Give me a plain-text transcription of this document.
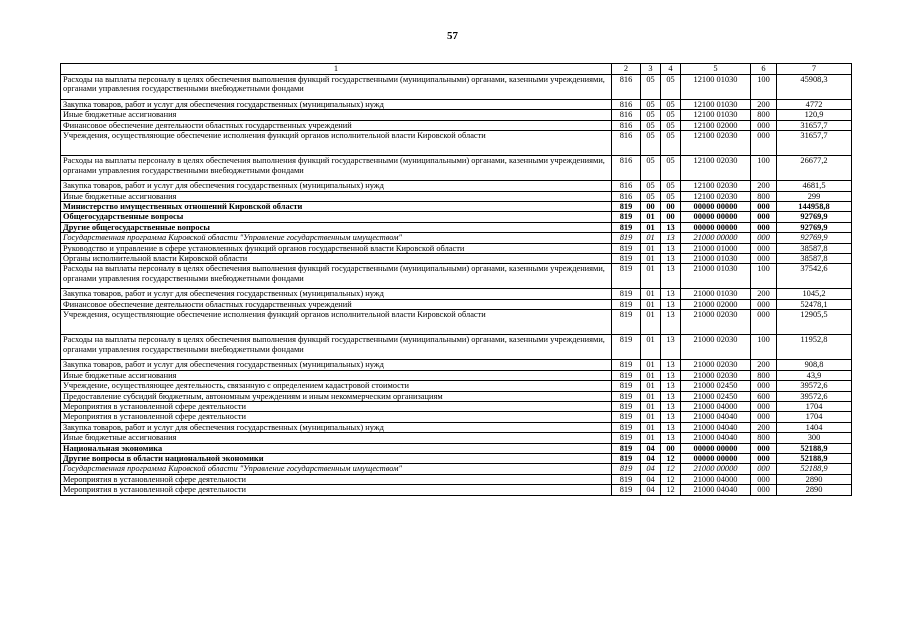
57
1	2	3	4	5	6	7
Расходы на выплаты персоналу в целях обеспечения выполнения функций государственными (муниципальными) органами, казенными учреждениями, органами управления государственными внебюджетными фондами	816	05	05	12100 01030	100	45908,3
Закупка товаров, работ и услуг для обеспечения государственных (муниципальных) нужд	816	05	05	12100 01030	200	4772
Иные бюджетные ассигнования	816	05	05	12100 01030	800	120,9
Финансовое обеспечение деятельности областных государственных учреждений	816	05	05	12100 02000	000	31657,7
Учреждения, осуществляющие обеспечение исполнения функций органов исполнительной власти Кировской области	816	05	05	12100 02030	000	31657,7
Расходы на выплаты персоналу в целях обеспечения выполнения функций государственными (муниципальными) органами, казенными учреждениями, органами управления государственными внебюджетными фондами	816	05	05	12100 02030	100	26677,2
Закупка товаров, работ и услуг для обеспечения государственных (муниципальных) нужд	816	05	05	12100 02030	200	4681,5
Иные бюджетные ассигнования	816	05	05	12100 02030	800	299
Министерство имущественных отношений Кировской области	819	00	00	00000 00000	000	144958,8
Общегосударственные вопросы	819	01	00	00000 00000	000	92769,9
Другие общегосударственные вопросы	819	01	13	00000 00000	000	92769,9
Государственная программа Кировской области "Управление государственным имуществом"	819	01	13	21000 00000	000	92769,9
Руководство и управление в сфере установленных функций органов государственной власти Кировской области	819	01	13	21000 01000	000	38587,8
Органы исполнительной власти Кировской области	819	01	13	21000 01030	000	38587,8
Расходы на выплаты персоналу в целях обеспечения выполнения функций государственными (муниципальными) органами, казенными учреждениями, органами управления государственными внебюджетными фондами	819	01	13	21000 01030	100	37542,6
Закупка товаров, работ и услуг для обеспечения государственных (муниципальных) нужд	819	01	13	21000 01030	200	1045,2
Финансовое обеспечение деятельности областных государственных учреждений	819	01	13	21000 02000	000	52478,1
Учреждения, осуществляющие обеспечение исполнения функций органов исполнительной власти Кировской области	819	01	13	21000 02030	000	12905,5
Расходы на выплаты персоналу в целях обеспечения выполнения функций государственными (муниципальными) органами, казенными учреждениями, органами управления государственными внебюджетными фондами	819	01	13	21000 02030	100	11952,8
Закупка товаров, работ и услуг для обеспечения государственных (муниципальных) нужд	819	01	13	21000 02030	200	908,8
Иные бюджетные ассигнования	819	01	13	21000 02030	800	43,9
Учреждение, осуществляющее деятельность, связанную с определением кадастровой стоимости	819	01	13	21000 02450	000	39572,6
Предоставление субсидий бюджетным, автономным учреждениям и иным некоммерческим организациям	819	01	13	21000 02450	600	39572,6
Мероприятия в установленной сфере деятельности	819	01	13	21000 04000	000	1704
Мероприятия в установленной сфере деятельности	819	01	13	21000 04040	000	1704
Закупка товаров, работ и услуг для обеспечения государственных (муниципальных) нужд	819	01	13	21000 04040	200	1404
Иные бюджетные ассигнования	819	01	13	21000 04040	800	300
Национальная экономика	819	04	00	00000 00000	000	52188,9
Другие вопросы в области национальной экономики	819	04	12	00000 00000	000	52188,9
Государственная программа Кировской области "Управление государственным имуществом"	819	04	12	21000 00000	000	52188,9
Мероприятия в установленной сфере деятельности	819	04	12	21000 04000	000	2890
Мероприятия в установленной сфере деятельности	819	04	12	21000 04040	000	2890
